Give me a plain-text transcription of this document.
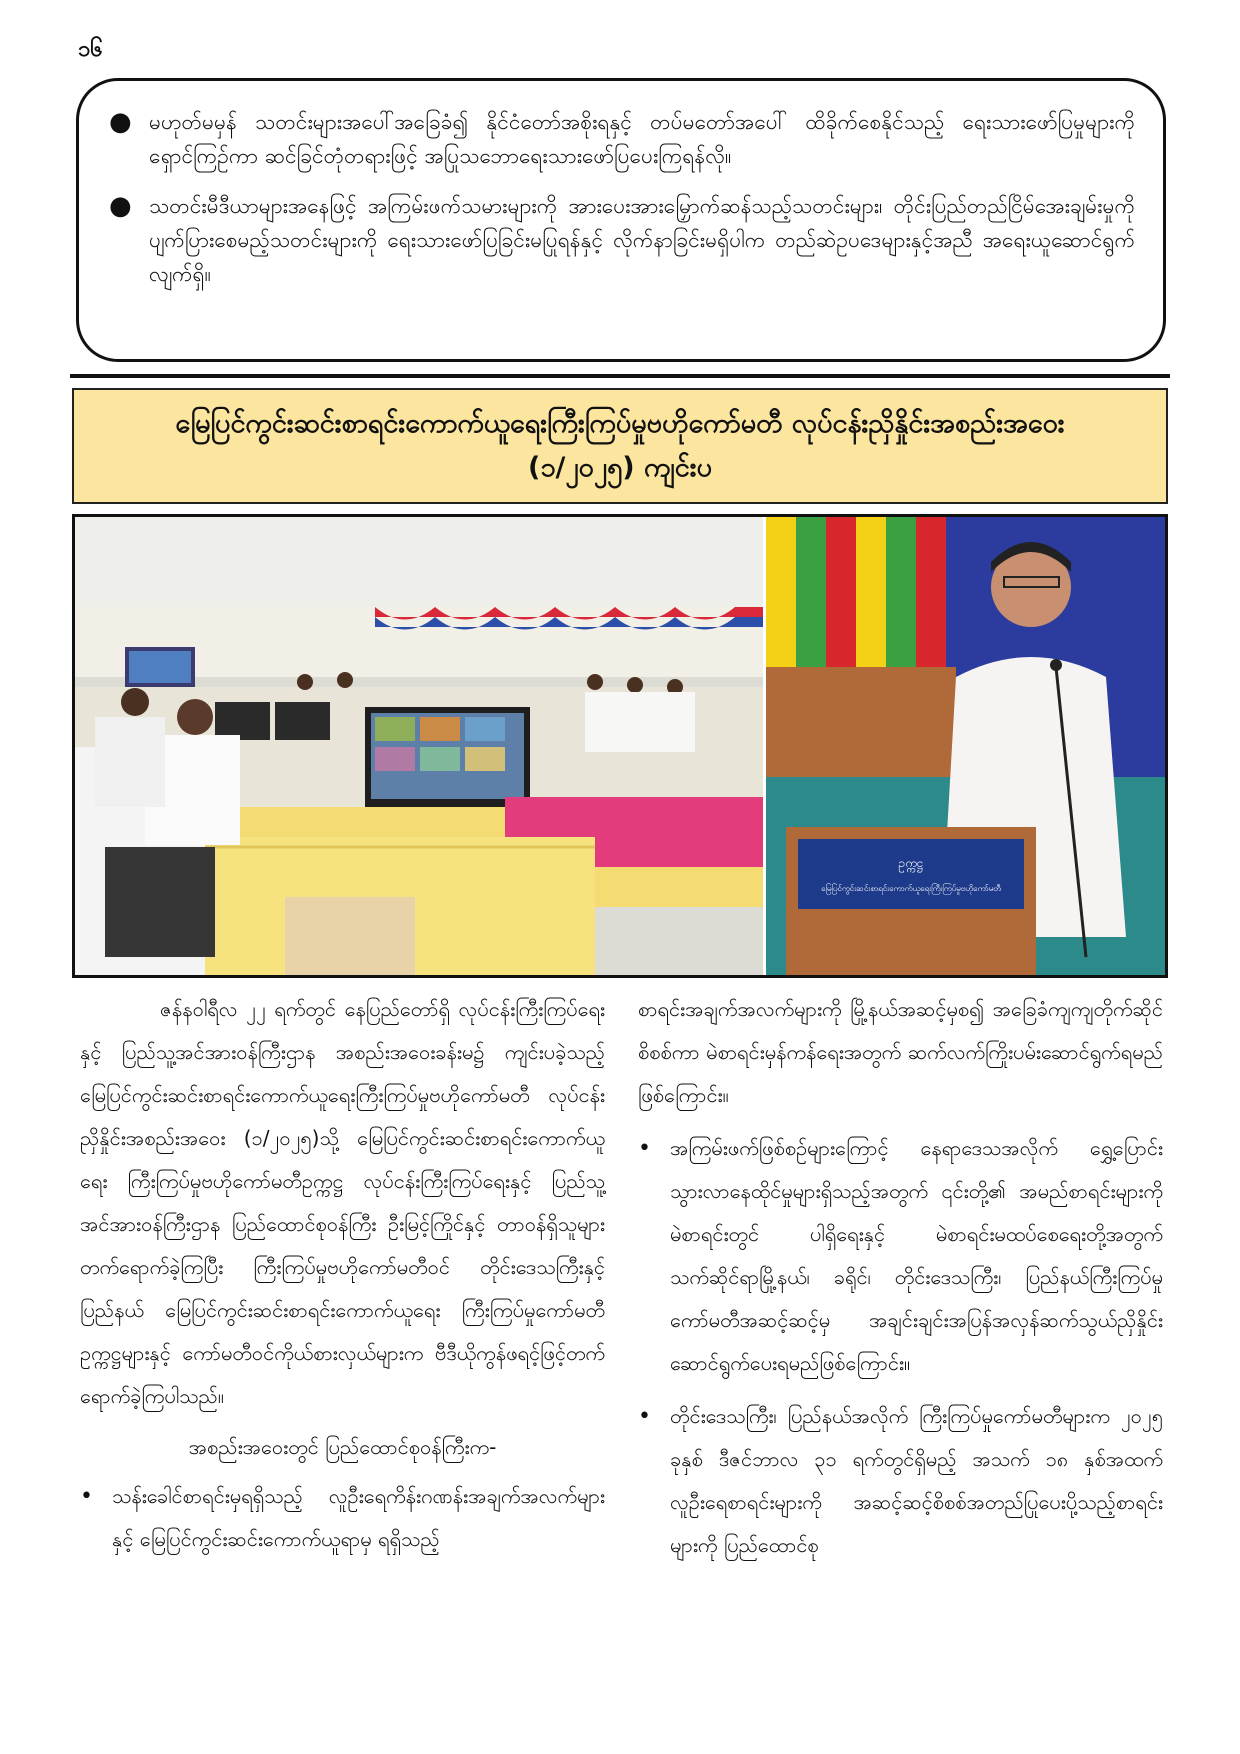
၁၆
● မဟုတ်မမှန် သတင်းများအပေါ်အခြေခံ၍ နိုင်ငံတော်အစိုးရနှင့် တပ်မတော်အပေါ် ထိခိုက်စေနိုင်သည့် ရေးသားဖော်ပြမှုများကို ရှောင်ကြဉ်ကာ ဆင်ခြင်တုံတရားဖြင့် အပြုသဘောရေးသားဖော်ပြပေးကြရန်လို။
● သတင်းမီဒီယာများအနေဖြင့် အကြမ်းဖက်သမားများကို အားပေးအားမြှောက်ဆန်သည့်သတင်းများ၊ တိုင်းပြည်တည်ငြိမ်အေးချမ်းမှုကို ပျက်ပြားစေမည့်သတင်းများကို ရေးသားဖော်ပြခြင်းမပြုရန်နှင့် လိုက်နာခြင်းမရှိပါက တည်ဆဲဥပဒေများနှင့်အညီ အရေးယူဆောင်ရွက်လျက်ရှိ။
မြေပြင်ကွင်းဆင်းစာရင်းကောက်ယူရေးကြီးကြပ်မှုဗဟိုကော်မတီ လုပ်ငန်းညှိနှိုင်းအစည်းအဝေး
(၁/၂၀၂၅) ကျင်းပ
ဥက္ကဋ္ဌ
မြေပြင်ကွင်းဆင်းစာရင်းကောက်ယူရေးကြီးကြပ်မှုဗဟိုကော်မတီ

ဇန်နဝါရီလ ၂၂ ရက်တွင် နေပြည်တော်ရှိ လုပ်ငန်းကြီးကြပ်ရေးနှင့် ပြည်သူ့အင်အားဝန်ကြီးဌာန အစည်းအဝေးခန်းမ၌ ကျင်းပခဲ့သည့် မြေပြင်ကွင်းဆင်းစာရင်းကောက်ယူရေးကြီးကြပ်မှုဗဟိုကော်မတီ လုပ်ငန်းညှိနှိုင်းအစည်းအဝေး (၁/၂၀၂၅)သို့ မြေပြင်ကွင်းဆင်းစာရင်းကောက်ယူရေး ကြီးကြပ်မှုဗဟိုကော်မတီဥက္ကဋ္ဌ လုပ်ငန်းကြီးကြပ်ရေးနှင့် ပြည်သူ့အင်အားဝန်ကြီးဌာန ပြည်ထောင်စုဝန်ကြီး ဦးမြင့်ကြိုင်နှင့် တာဝန်ရှိသူများတက်ရောက်ခဲ့ကြပြီး ကြီးကြပ်မှုဗဟိုကော်မတီဝင် တိုင်းဒေသကြီးနှင့် ပြည်နယ် မြေပြင်ကွင်းဆင်းစာရင်းကောက်ယူရေး ကြီးကြပ်မှုကော်မတီဥက္ကဋ္ဌများနှင့် ကော်မတီဝင်ကိုယ်စားလှယ်များက ဗီဒီယိုကွန်ဖရင့်ဖြင့်တက်ရောက်ခဲ့ကြပါသည်။

အစည်းအဝေးတွင် ပြည်ထောင်စုဝန်ကြီးက-

• သန်းခေါင်စာရင်းမှရရှိသည့် လူဦးရေကိန်းဂဏန်းအချက်အလက်များနှင့် မြေပြင်ကွင်းဆင်းကောက်ယူရာမှ ရရှိသည့်

စာရင်းအချက်အလက်များကို မြို့နယ်အဆင့်မှစ၍ အခြေခံကျကျတိုက်ဆိုင်စိစစ်ကာ မဲစာရင်းမှန်ကန်ရေးအတွက် ဆက်လက်ကြိုးပမ်းဆောင်ရွက်ရမည်ဖြစ်ကြောင်း။

• အကြမ်းဖက်ဖြစ်စဉ်များကြောင့် နေရာဒေသအလိုက် ရွှေ့ပြောင်းသွားလာနေထိုင်မှုများရှိသည့်အတွက် ၎င်းတို့၏ အမည်စာရင်းများကို မဲစာရင်းတွင် ပါရှိရေးနှင့် မဲစာရင်းမထပ်စေရေးတို့အတွက် သက်ဆိုင်ရာမြို့နယ်၊ ခရိုင်၊ တိုင်းဒေသကြီး၊ ပြည်နယ်ကြီးကြပ်မှု ကော်မတီအဆင့်ဆင့်မှ အချင်းချင်းအပြန်အလှန်ဆက်သွယ်ညှိနှိုင်း ဆောင်ရွက်ပေးရမည်ဖြစ်ကြောင်း။
• တိုင်းဒေသကြီး၊ ပြည်နယ်အလိုက် ကြီးကြပ်မှုကော်မတီများက ၂၀၂၅ ခုနှစ် ဒီဇင်ဘာလ ၃၁ ရက်တွင်ရှိမည့် အသက် ၁၈ နှစ်အထက် လူဦးရေစာရင်းများကို အဆင့်ဆင့်စိစစ်အတည်ပြုပေးပို့သည့်စာရင်းများကို ပြည်ထောင်စု
